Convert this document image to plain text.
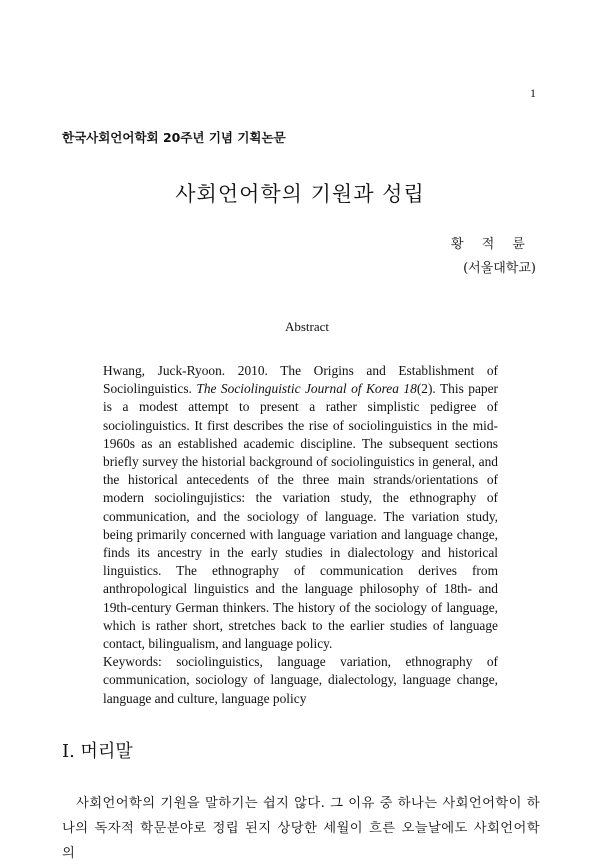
1
한국사회언어학회 20주년 기념 기획논문
사회언어학의 기원과 성립
황 적 륜
(서울대학교)
Abstract

Hwang, Juck-Ryoon. 2010. The Origins and Establishment of Sociolinguistics. The Sociolinguistic Journal of Korea 18(2). This paper is a modest attempt to present a rather simplistic pedigree of sociolinguistics. It first describes the rise of sociolinguistics in the mid-1960s as an established academic discipline. The subsequent sections briefly survey the historial background of sociolinguistics in general, and the historical antecedents of the three main strands/orientations of modern sociolingujistics: the variation study, the ethnography of communication, and the sociology of language. The variation study, being primarily concerned with language variation and language change, finds its ancestry in the early studies in dialectology and historical linguistics. The ethnography of communication derives from anthropological linguistics and the language philosophy of 18th- and 19th-century German thinkers. The history of the sociology of language, which is rather short, stretches back to the earlier studies of language contact, bilingualism, and language policy.

Keywords: sociolinguistics, language variation, ethnography of communication, sociology of language, dialectology, language change, language and culture, language policy

I. 머리말

사회언어학의 기원을 말하기는 쉽지 않다. 그 이유 중 하나는 사회언어학이 하나의 독자적 학문분야로 정립 된지 상당한 세월이 흐른 오늘날에도 사회언어학의
